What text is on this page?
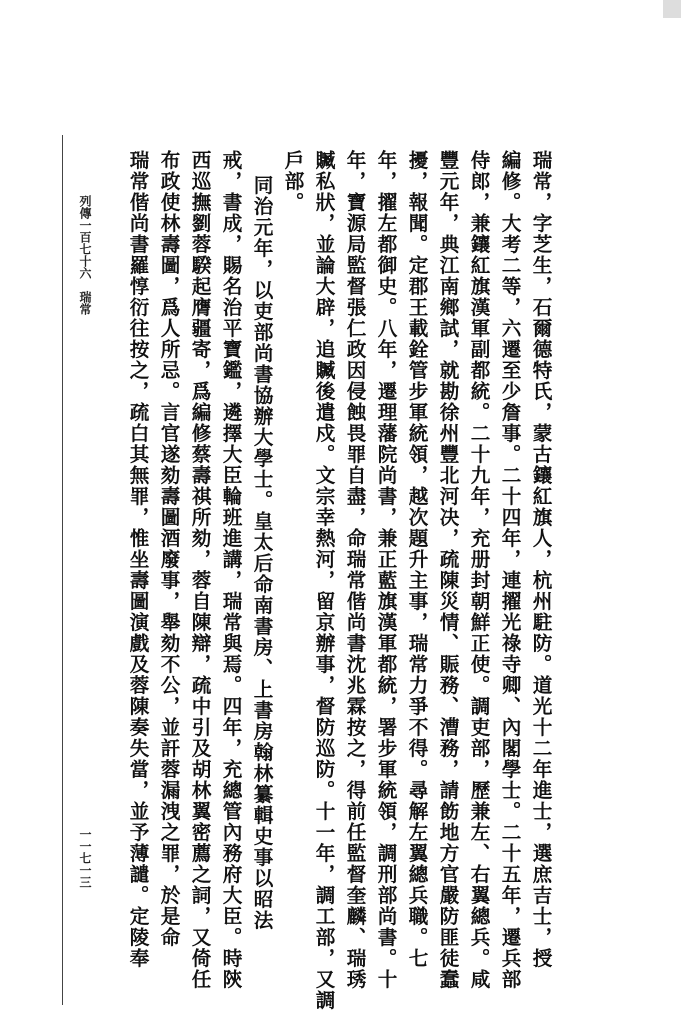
列傳一百七十六　瑞常
一一七一三	瑞常，字芝生，石爾德特氏，蒙古鑲紅旗人，杭州駐防。道光十二年進士，選庶吉士，授
編修。大考二等，六遷至少詹事。二十四年，連擢光祿寺卿、內閣學士。二十五年，遷兵部
侍郎，兼鑲紅旗漢軍副都統。二十九年，充册封朝鮮正使。調吏部，歷兼左、右翼總兵。咸
豐元年，典江南鄉試，就勘徐州豐北河决，疏陳災情、賑務、漕務，請飭地方官嚴防匪徒蠢
擾，報聞。定郡王載銓管步軍統領，越次題升主事，瑞常力爭不得。尋解左翼總兵職。七
年，擢左都御史。八年，遷理藩院尚書，兼正藍旗漢軍都統，署步軍統領，調刑部尚書。十
年，寶源局監督張仁政因侵蝕畏罪自盡，命瑞常偕尚書沈兆霖按之，得前任監督奎麟、瑞琇
贓私狀，並論大辟，追贓後遣戍。文宗幸熱河，留京辦事，督防巡防。十一年，調工部，又調
戶部。
同治元年，以吏部尚書協辦大學士。皇太后命南書房、上書房翰林纂輯史事以昭法
戒，書成，賜名治平寶鑑，遴擇大臣輪班進講，瑞常與焉。四年，充總管內務府大臣。時陝
西巡撫劉蓉騤起膺疆寄，爲編修蔡壽祺所劾，蓉自陳辯，疏中引及胡林翼密薦之詞，又倚任
布政使林壽圖，爲人所忌。言官遂劾壽圖酒廢事，舉劾不公，並訐蓉漏洩之罪，於是命
瑞常偕尚書羅惇衍往按之，疏白其無罪，惟坐壽圖演戲及蓉陳奏失當，並予薄譴。定陵奉
